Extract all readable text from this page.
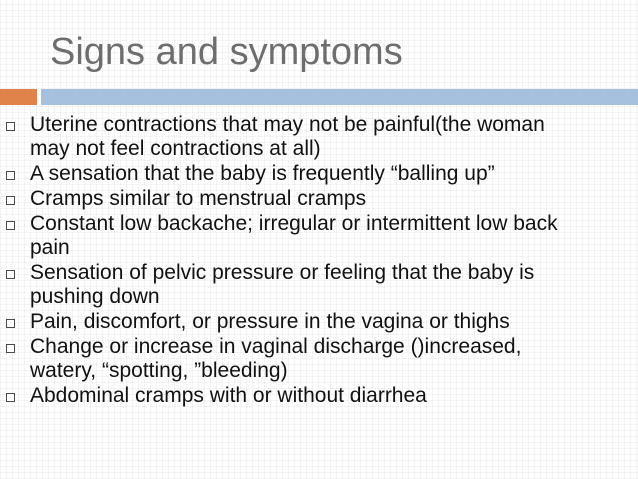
Signs and symptoms
Uterine contractions that may not be painful(the woman
may not feel contractions at all)
A sensation that the baby is frequently “balling up”
Cramps similar to menstrual cramps
Constant low backache; irregular or intermittent low back
pain
Sensation of pelvic pressure or feeling that the baby is
pushing down
Pain, discomfort, or pressure in the vagina or thighs
Change or increase in vaginal discharge ()increased,
watery, “spotting, ”bleeding)
Abdominal cramps with or without diarrhea
